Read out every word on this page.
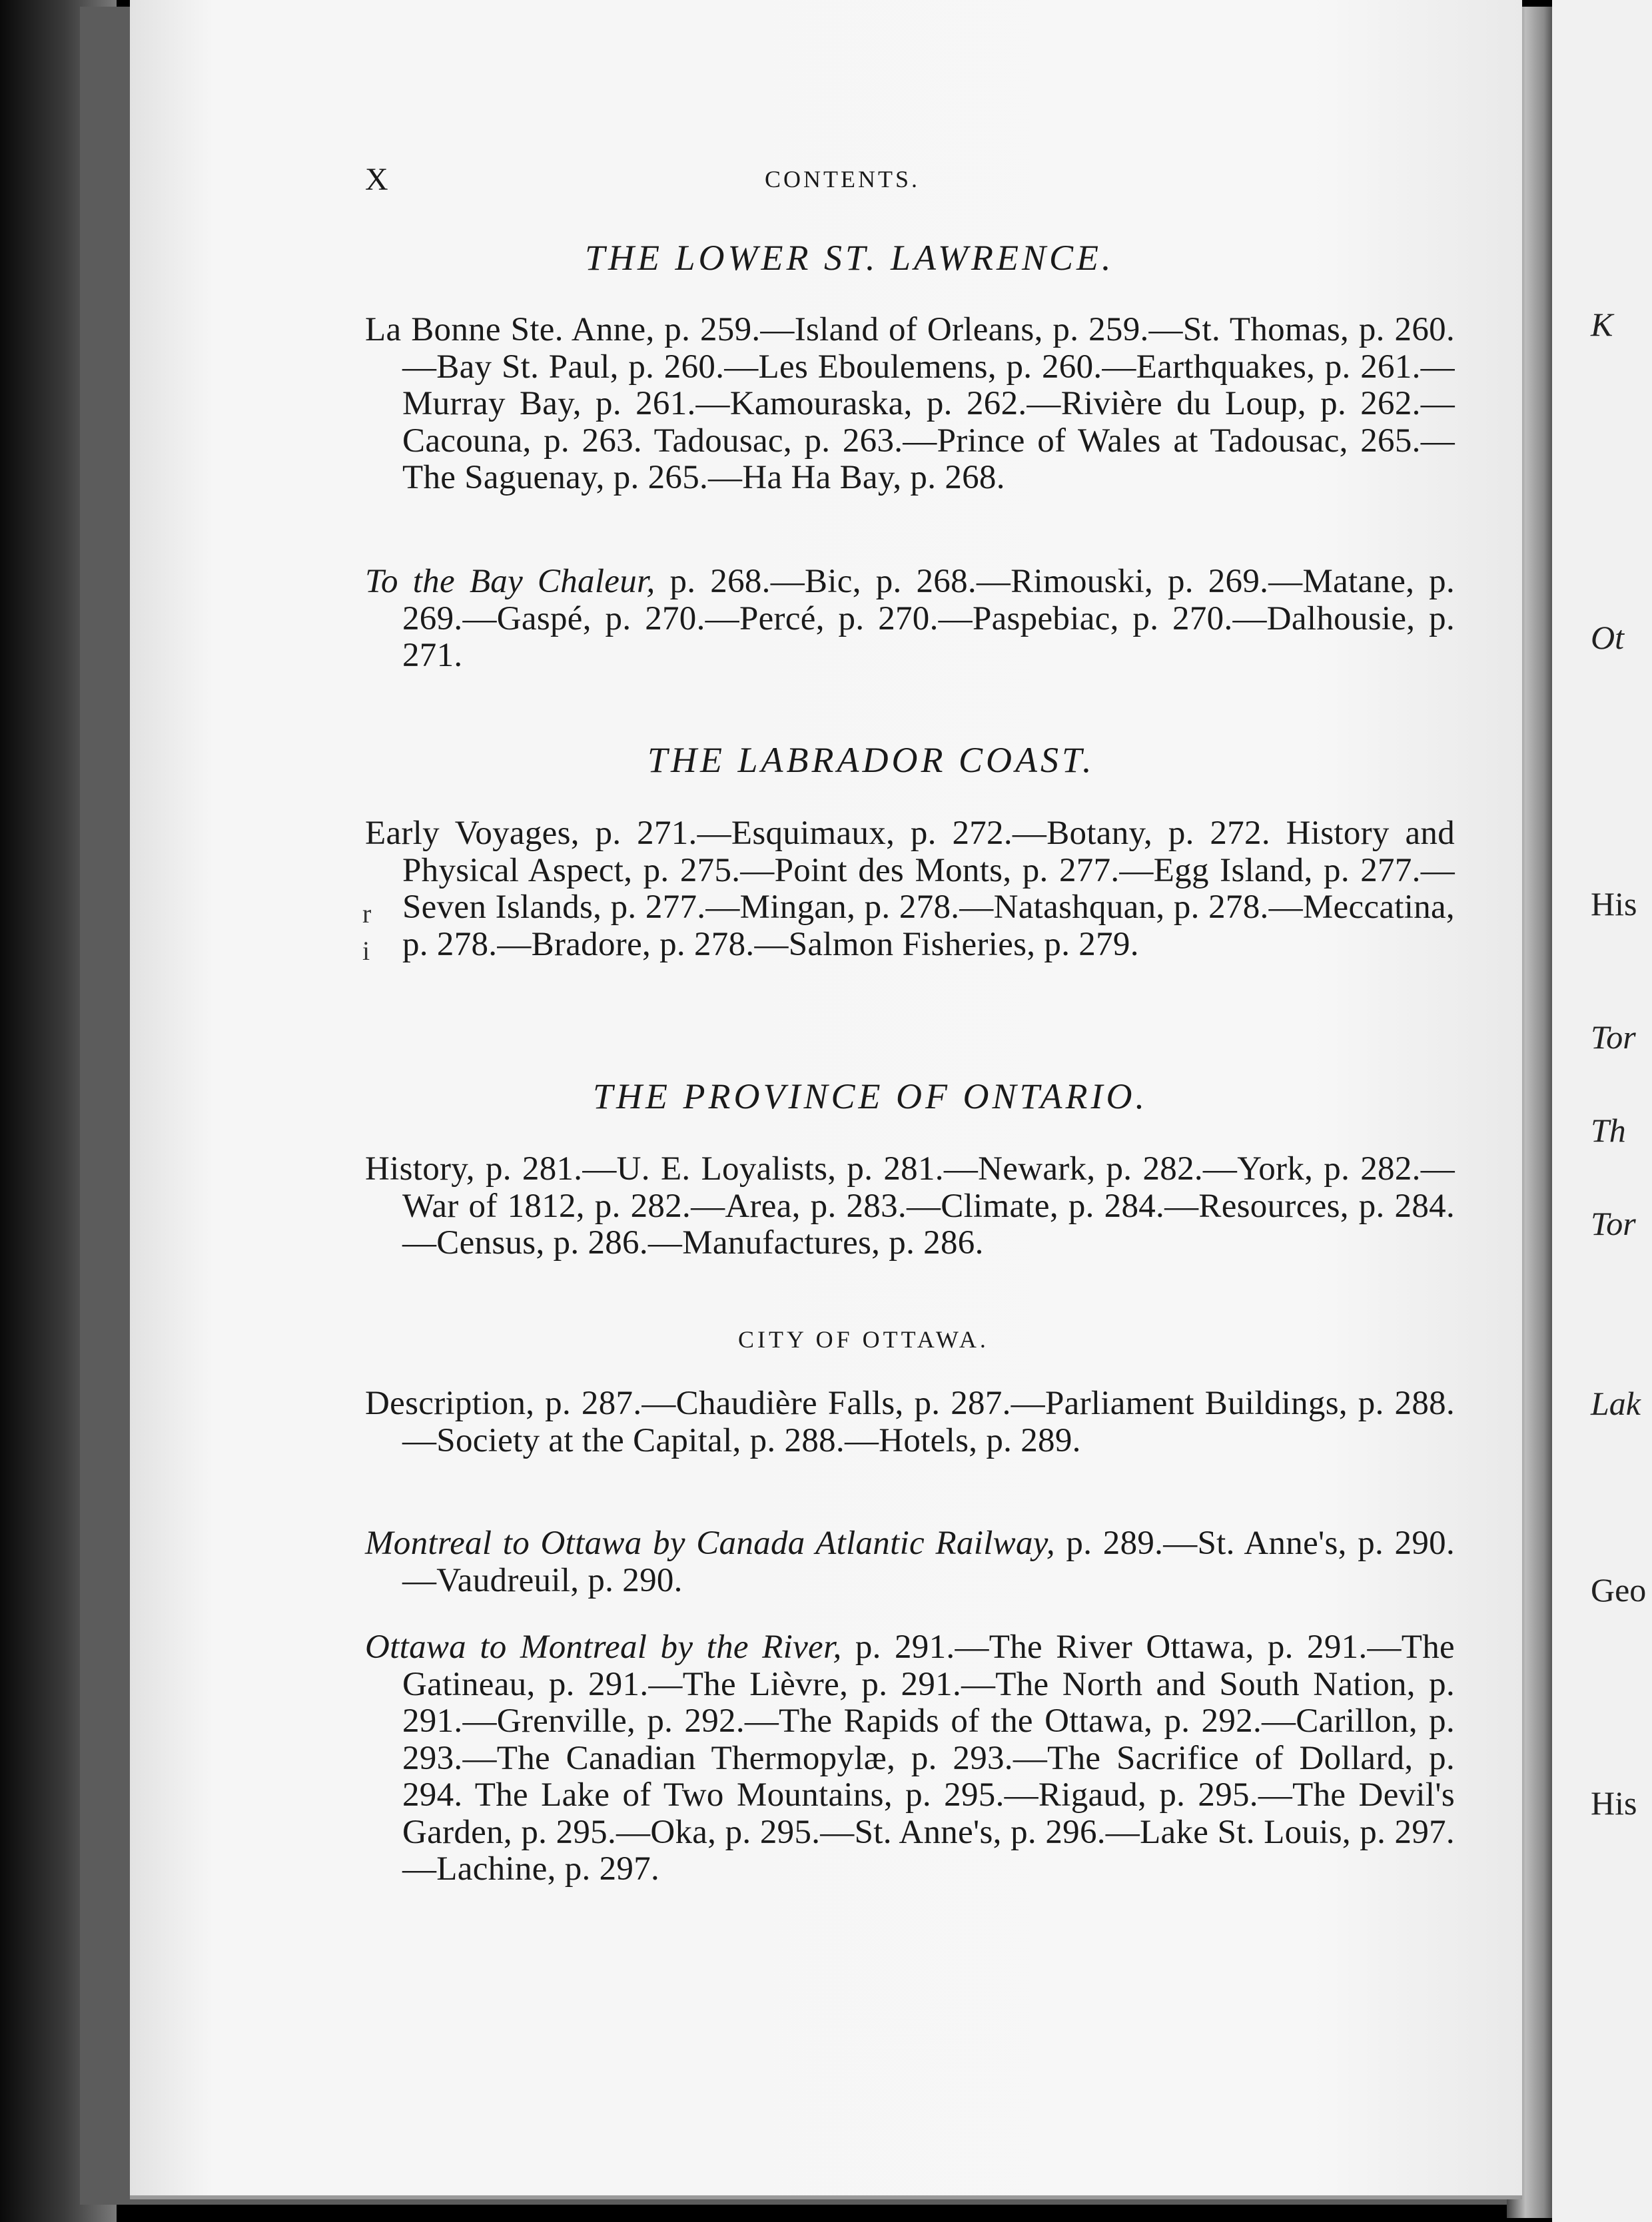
K
Ot
His
Tor
Th
Tor
Lak
Geo
His
X	CONTENTS.
THE LOWER ST. LAWRENCE.
La Bonne Ste. Anne, p. 259.—Island of Orleans, p. 259.—St. Thomas, p. 260.—Bay St. Paul, p. 260.—Les Eboulemens, p. 260.—Earthquakes, p. 261.—Murray Bay, p. 261.—Kamouraska, p. 262.—Rivière du Loup, p. 262.—Cacouna, p. 263. Tadousac, p. 263.—Prince of Wales at Tadousac, 265.—The Saguenay, p. 265.—Ha Ha Bay, p. 268.
To the Bay Chaleur, p. 268.—Bic, p. 268.—Rimouski, p. 269.—Matane, p. 269.—Gaspé, p. 270.—Percé, p. 270.—Paspebiac, p. 270.—Dalhousie, p. 271.
THE LABRADOR COAST.
Early Voyages, p. 271.—Esquimaux, p. 272.—Botany, p. 272. History and Physical Aspect, p. 275.—Point des Monts, p. 277.—Egg Island, p. 277.—Seven Islands, p. 277.—Mingan, p. 278.—Natashquan, p. 278.—Meccatina, p. 278.—Bradore, p. 278.—Salmon Fisheries, p. 279.
r
i
THE PROVINCE OF ONTARIO.
History, p. 281.—U. E. Loyalists, p. 281.—Newark, p. 282.—York, p. 282.—War of 1812, p. 282.—Area, p. 283.—Climate, p. 284.—Resources, p. 284.—Census, p. 286.—Manufactures, p. 286.
CITY OF OTTAWA.
Description, p. 287.—Chaudière Falls, p. 287.—Parliament Buildings, p. 288.—Society at the Capital, p. 288.—Hotels, p. 289.
Montreal to Ottawa by Canada Atlantic Railway, p. 289.—St. Anne's, p. 290.—Vaudreuil, p. 290.
Ottawa to Montreal by the River, p. 291.—The River Ottawa, p. 291.—The Gatineau, p. 291.—The Lièvre, p. 291.—The North and South Nation, p. 291.—Grenville, p. 292.—The Rapids of the Ottawa, p. 292.—Carillon, p. 293.—The Canadian Thermopylæ, p. 293.—The Sacrifice of Dollard, p. 294. The Lake of Two Mountains, p. 295.—Rigaud, p. 295.—The Devil's Garden, p. 295.—Oka, p. 295.—St. Anne's, p. 296.—Lake St. Louis, p. 297.—Lachine, p. 297.
